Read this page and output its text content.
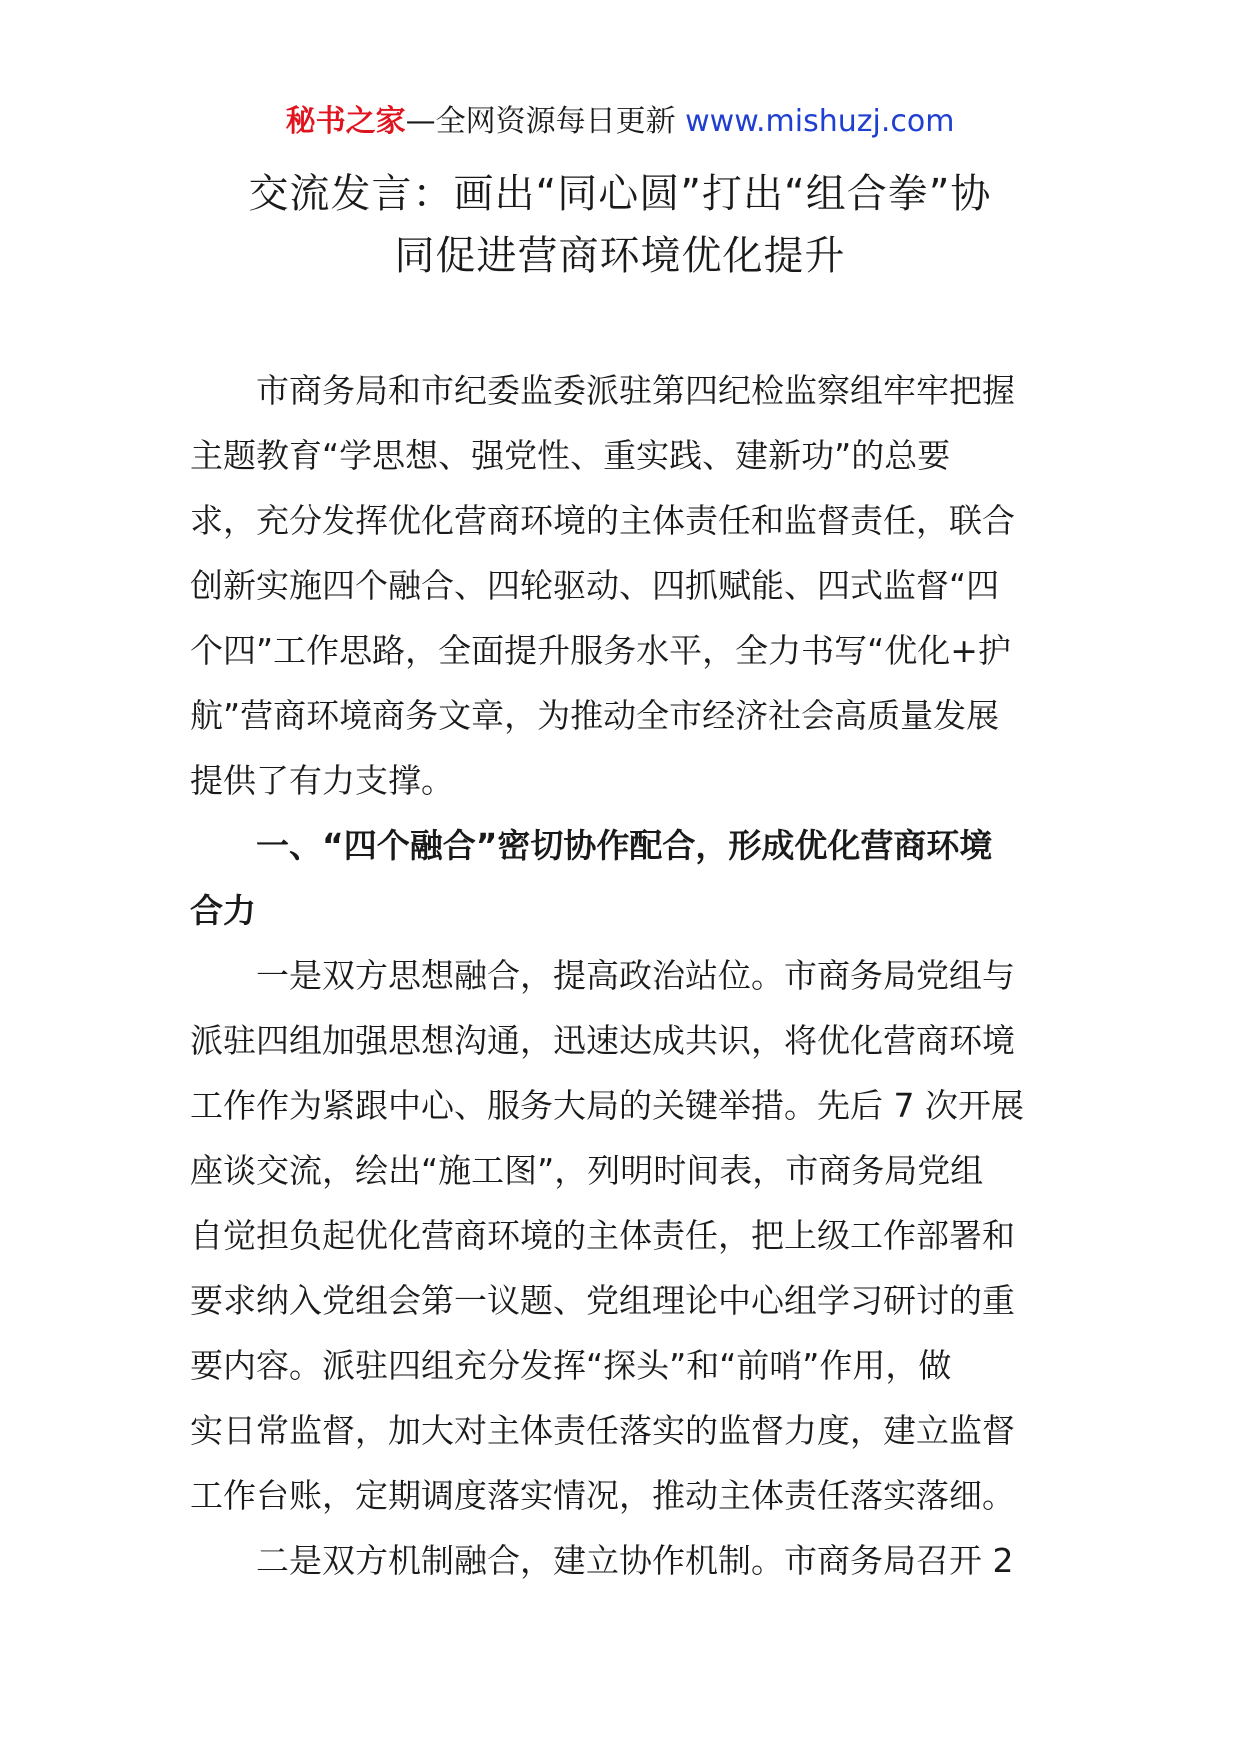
秘书之家—全网资源每日更新 www.mishuzj.com
交流发言：画出“同心圆”打出“组合拳”协
同促进营商环境优化提升
市商务局和市纪委监委派驻第四纪检监察组牢牢把握
主题教育“学思想、强党性、重实践、建新功”的总要
求，充分发挥优化营商环境的主体责任和监督责任，联合
创新实施四个融合、四轮驱动、四抓赋能、四式监督“四
个四”工作思路，全面提升服务水平，全力书写“优化+护
航”营商环境商务文章，为推动全市经济社会高质量发展
提供了有力支撑。
一、“四个融合”密切协作配合，形成优化营商环境
合力
一是双方思想融合，提高政治站位。市商务局党组与
派驻四组加强思想沟通，迅速达成共识，将优化营商环境
工作作为紧跟中心、服务大局的关键举措。先后 7 次开展
座谈交流，绘出“施工图”，列明时间表，市商务局党组
自觉担负起优化营商环境的主体责任，把上级工作部署和
要求纳入党组会第一议题、党组理论中心组学习研讨的重
要内容。派驻四组充分发挥“探头”和“前哨”作用，做
实日常监督，加大对主体责任落实的监督力度，建立监督
工作台账，定期调度落实情况，推动主体责任落实落细。
二是双方机制融合，建立协作机制。市商务局召开 2
